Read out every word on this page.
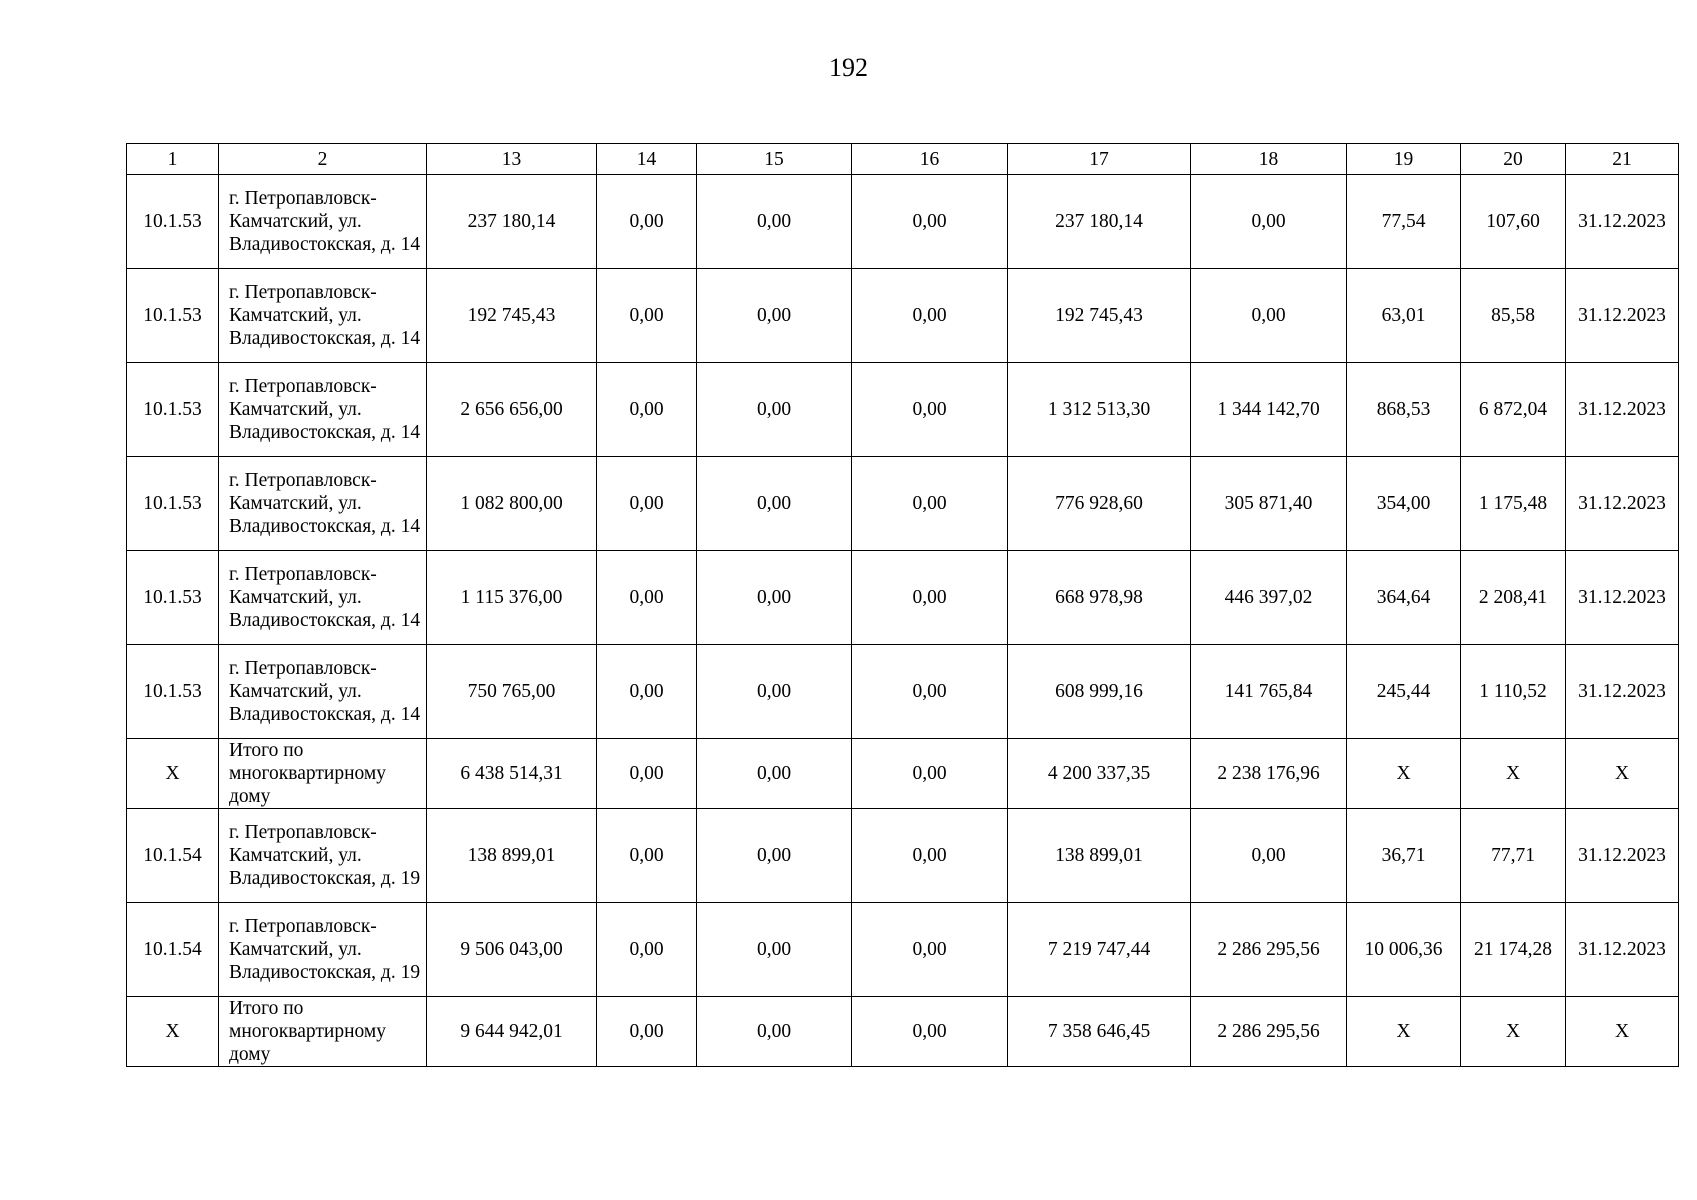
192
1	2	13	14	15	16	17	18	19	20	21
10.1.53	г. Петропавловск-Камчатский, ул. Владивостокская, д. 14	237 180,14	0,00	0,00	0,00	237 180,14	0,00	77,54	107,60	31.12.2023
10.1.53	г. Петропавловск-Камчатский, ул. Владивостокская, д. 14	192 745,43	0,00	0,00	0,00	192 745,43	0,00	63,01	85,58	31.12.2023
10.1.53	г. Петропавловск-Камчатский, ул. Владивостокская, д. 14	2 656 656,00	0,00	0,00	0,00	1 312 513,30	1 344 142,70	868,53	6 872,04	31.12.2023
10.1.53	г. Петропавловск-Камчатский, ул. Владивостокская, д. 14	1 082 800,00	0,00	0,00	0,00	776 928,60	305 871,40	354,00	1 175,48	31.12.2023
10.1.53	г. Петропавловск-Камчатский, ул. Владивостокская, д. 14	1 115 376,00	0,00	0,00	0,00	668 978,98	446 397,02	364,64	2 208,41	31.12.2023
10.1.53	г. Петропавловск-Камчатский, ул. Владивостокская, д. 14	750 765,00	0,00	0,00	0,00	608 999,16	141 765,84	245,44	1 110,52	31.12.2023
X	Итого по многоквартирному дому	6 438 514,31	0,00	0,00	0,00	4 200 337,35	2 238 176,96	X	X	X
10.1.54	г. Петропавловск-Камчатский, ул. Владивостокская, д. 19	138 899,01	0,00	0,00	0,00	138 899,01	0,00	36,71	77,71	31.12.2023
10.1.54	г. Петропавловск-Камчатский, ул. Владивостокская, д. 19	9 506 043,00	0,00	0,00	0,00	7 219 747,44	2 286 295,56	10 006,36	21 174,28	31.12.2023
X	Итого по многоквартирному дому	9 644 942,01	0,00	0,00	0,00	7 358 646,45	2 286 295,56	X	X	X
